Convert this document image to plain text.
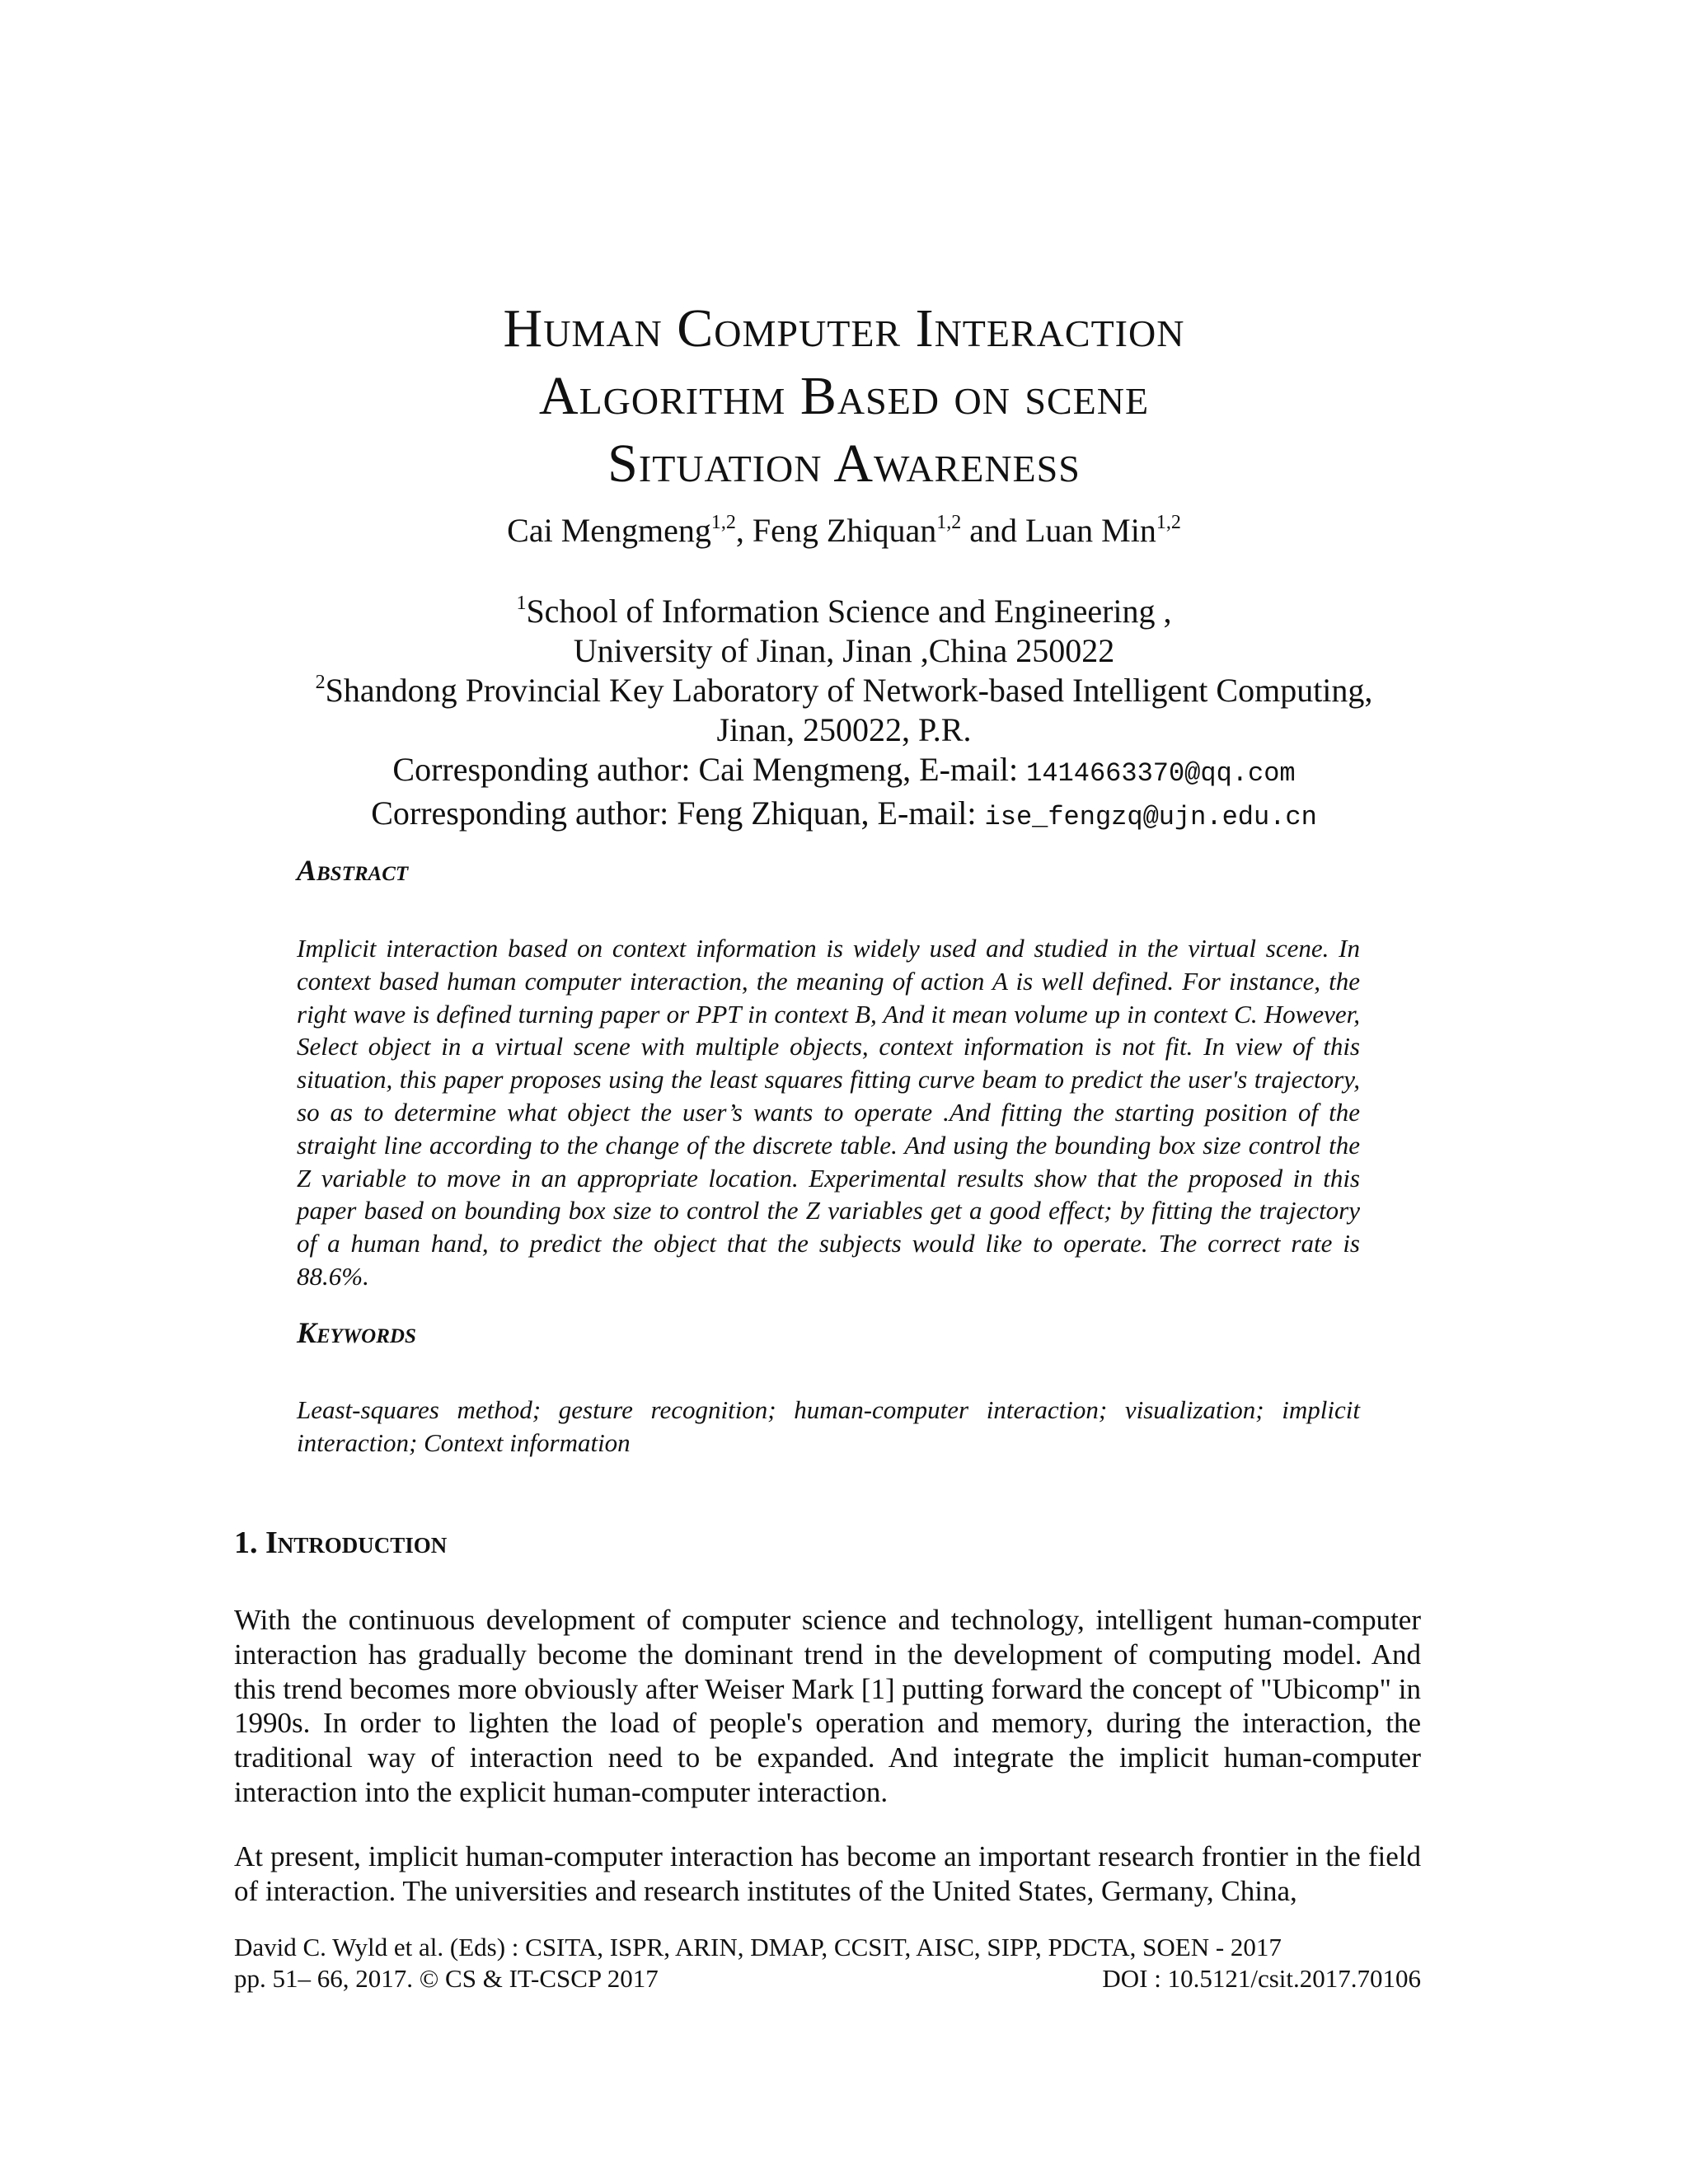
Human Computer Interaction
Algorithm Based on scene
Situation Awareness
Cai Mengmeng$^{1,2}$, Feng Zhiquan$^{1,2}$ and Luan Min$^{1,2}$
$^1$School of Information Science and Engineering ,
University of Jinan, Jinan ,China 250022
$^2$Shandong Provincial Key Laboratory of Network-based Intelligent Computing,
Jinan, 250022, P.R.
Corresponding author: Cai Mengmeng, E-mail: 1414663370@qq.com
Corresponding author: Feng Zhiquan, E-mail: ise_fengzq@ujn.edu.cn
Abstract
Implicit interaction based on context information is widely used and studied in the virtual scene. In context based human computer interaction, the meaning of action A is well defined. For instance, the right wave is defined turning paper or PPT in context B, And it mean volume up in context C. However, Select object in a virtual scene with multiple objects, context information is not fit. In view of this situation, this paper proposes using the least squares fitting curve beam to predict the user's trajectory, so as to determine what object the user’s wants to operate .And fitting the starting position of the straight line according to the change of the discrete table. And using the bounding box size control the Z variable to move in an appropriate location. Experimental results show that the proposed in this paper based on bounding box size to control the Z variables get a good effect; by fitting the trajectory of a human hand, to predict the object that the subjects would like to operate. The correct rate is 88.6%.
Keywords
Least-squares method; gesture recognition; human-computer interaction; visualization; implicit interaction; Context information
1. Introduction
With the continuous development of computer science and technology, intelligent human-computer interaction has gradually become the dominant trend in the development of computing model. And this trend becomes more obviously after Weiser Mark [1] putting forward the concept of "Ubicomp" in 1990s. In order to lighten the load of people's operation and memory, during the interaction, the traditional way of interaction need to be expanded. And integrate the implicit human-computer interaction into the explicit human-computer interaction.
At present, implicit human-computer interaction has become an important research frontier in the field of interaction. The universities and research institutes of the United States, Germany, China,
David C. Wyld et al. (Eds) : CSITA, ISPR, ARIN, DMAP, CCSIT, AISC, SIPP, PDCTA, SOEN - 2017
pp. 51– 66, 2017. © CS & IT-CSCP 2017	DOI : 10.5121/csit.2017.70106
